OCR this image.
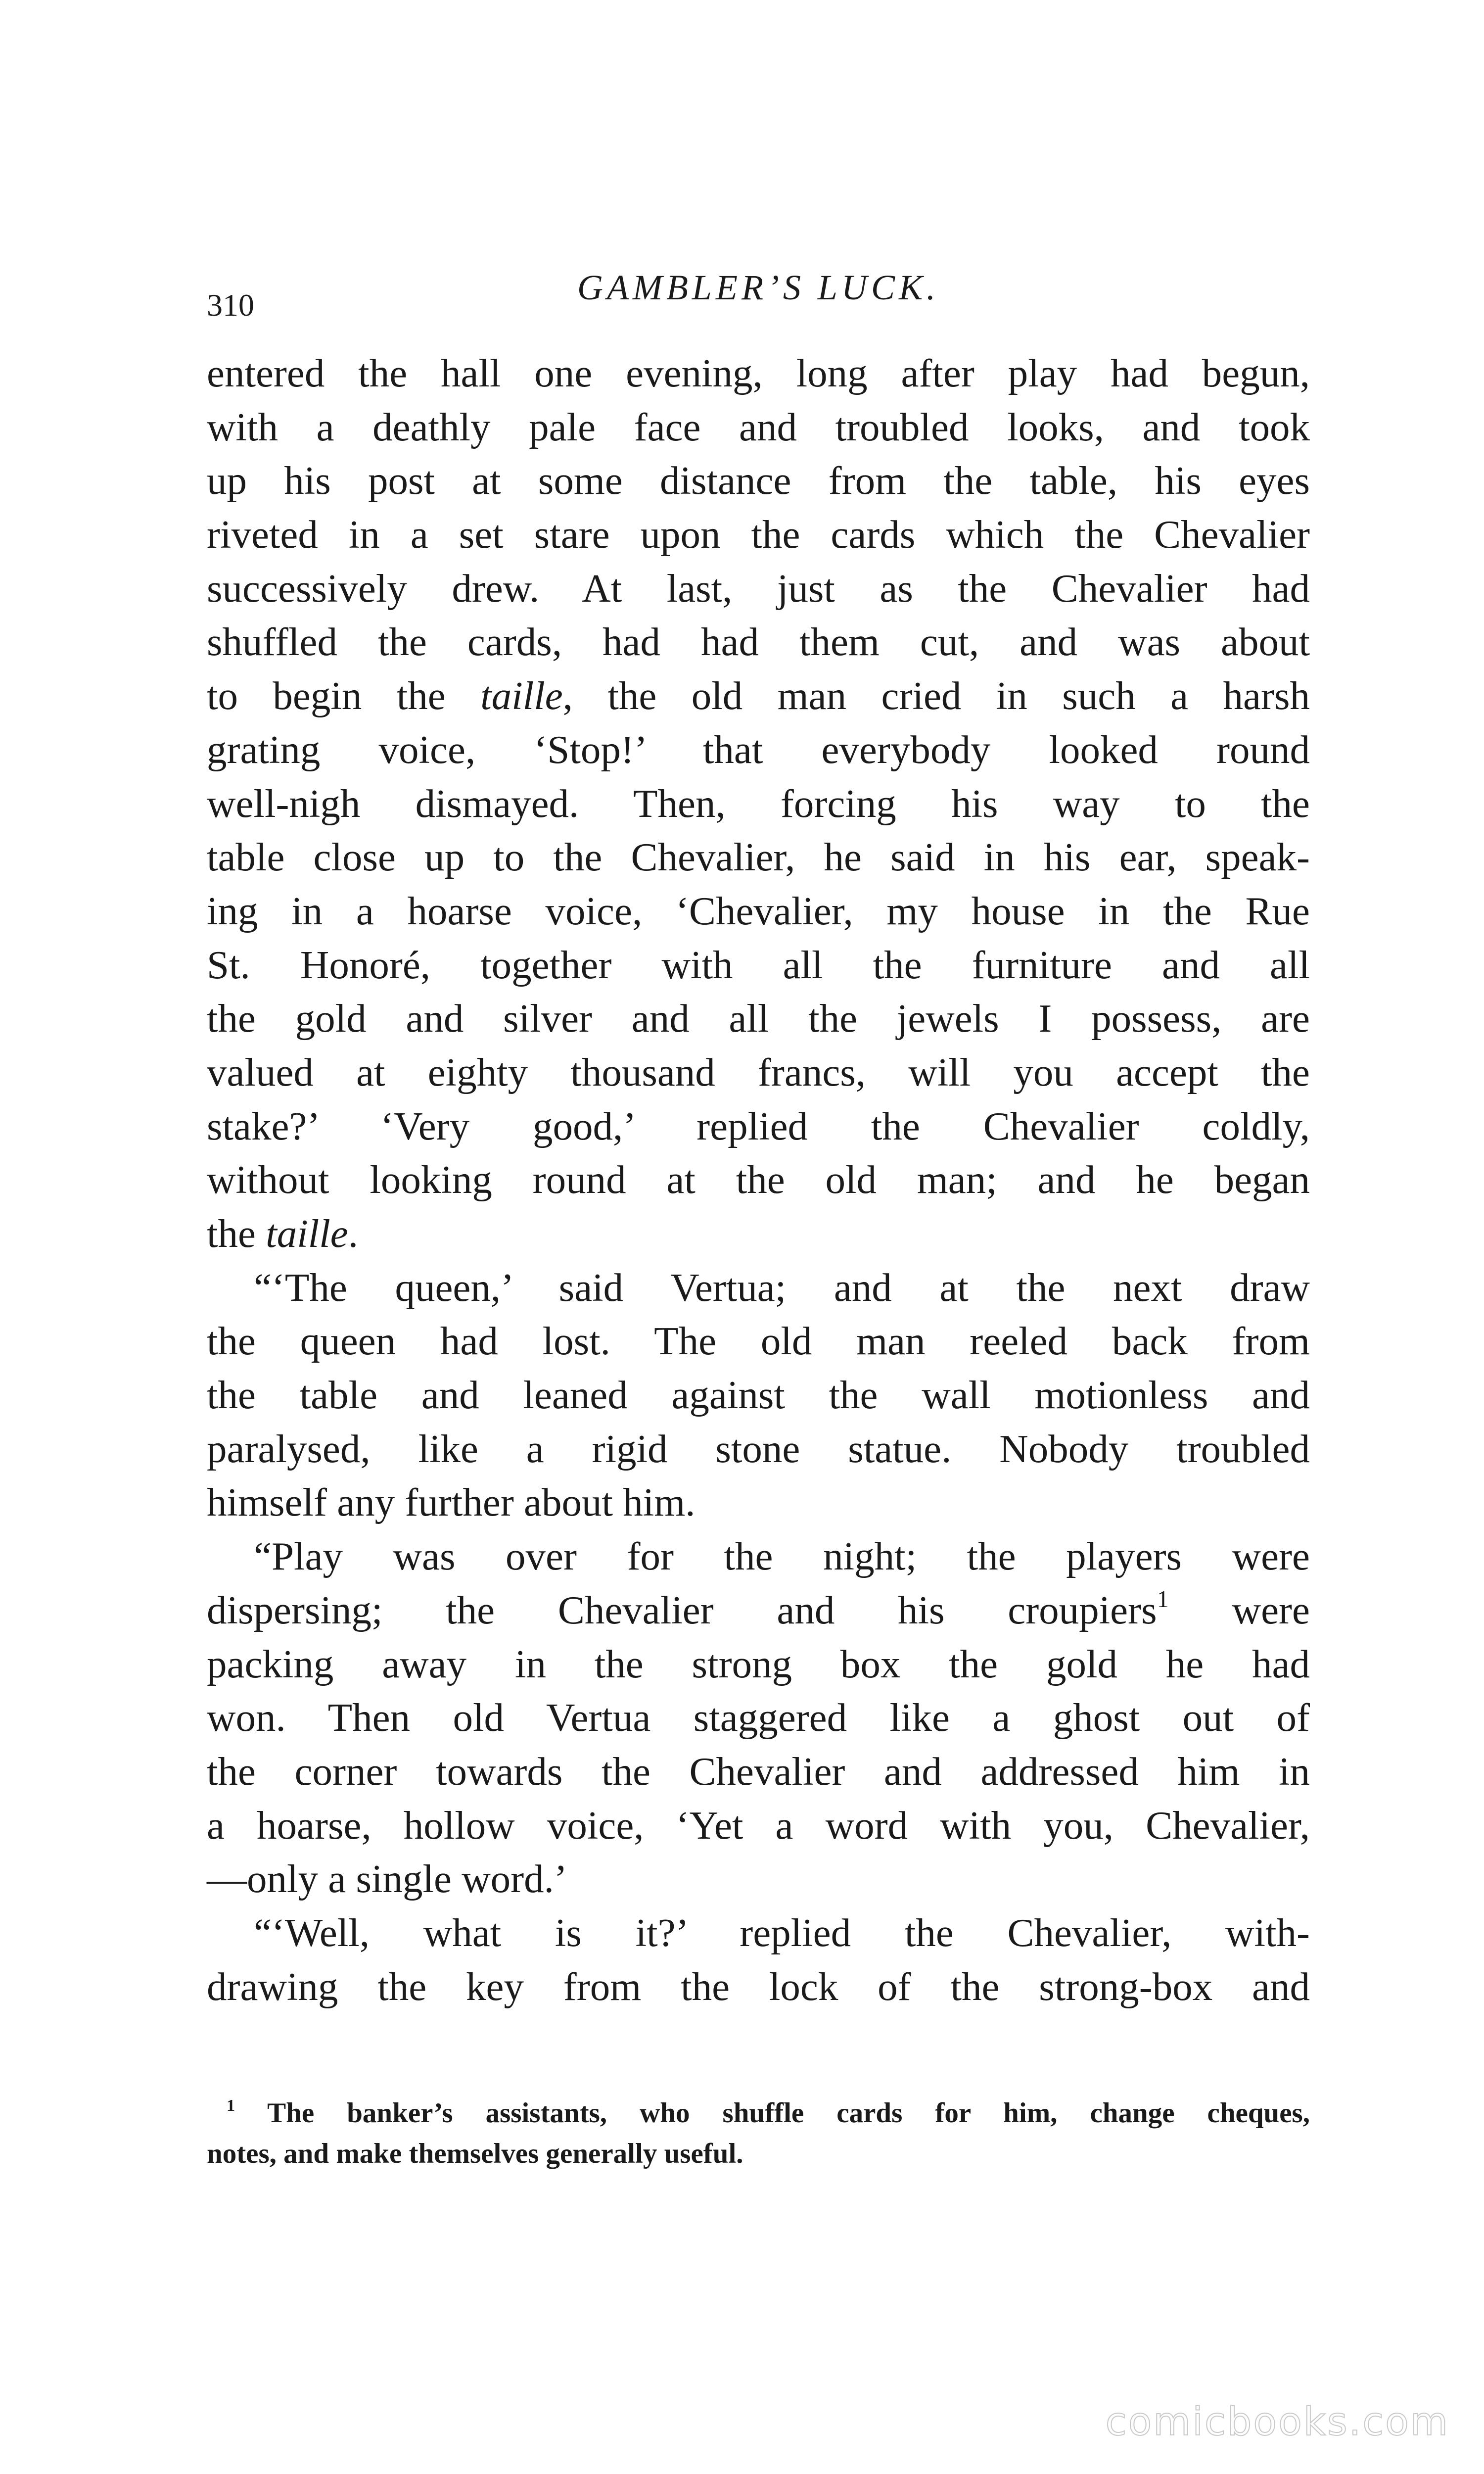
310	GAMBLER’S LUCK.
entered the hall one evening, long after play had begun,
with a deathly pale face and troubled looks, and took
up his post at some distance from the table, his eyes
riveted in a set stare upon the cards which the Chevalier
successively drew. At last, just as the Chevalier had
shuffled the cards, had had them cut, and was about
to begin the taille, the old man cried in such a harsh
grating voice, ‘Stop!’ that everybody looked round
well-nigh dismayed. Then, forcing his way to the
table close up to the Chevalier, he said in his ear, speak-
ing in a hoarse voice, ‘Chevalier, my house in the Rue
St. Honoré, together with all the furniture and all
the gold and silver and all the jewels I possess, are
valued at eighty thousand francs, will you accept the
stake?’ ‘Very good,’ replied the Chevalier coldly,
without looking round at the old man; and he began
the taille.
“‘The queen,’ said Vertua; and at the next draw
the queen had lost. The old man reeled back from
the table and leaned against the wall motionless and
paralysed, like a rigid stone statue. Nobody troubled
himself any further about him.
“Play was over for the night; the players were
dispersing; the Chevalier and his croupiers$^1$ were
packing away in the strong box the gold he had
won. Then old Vertua staggered like a ghost out of
the corner towards the Chevalier and addressed him in
a hoarse, hollow voice, ‘Yet a word with you, Chevalier,
—only a single word.’
“‘Well, what is it?’ replied the Chevalier, with-
drawing the key from the lock of the strong-box and
$^1$ The banker’s assistants, who shuffle cards for him, change cheques,
notes, and make themselves generally useful.
comicbooks.com
